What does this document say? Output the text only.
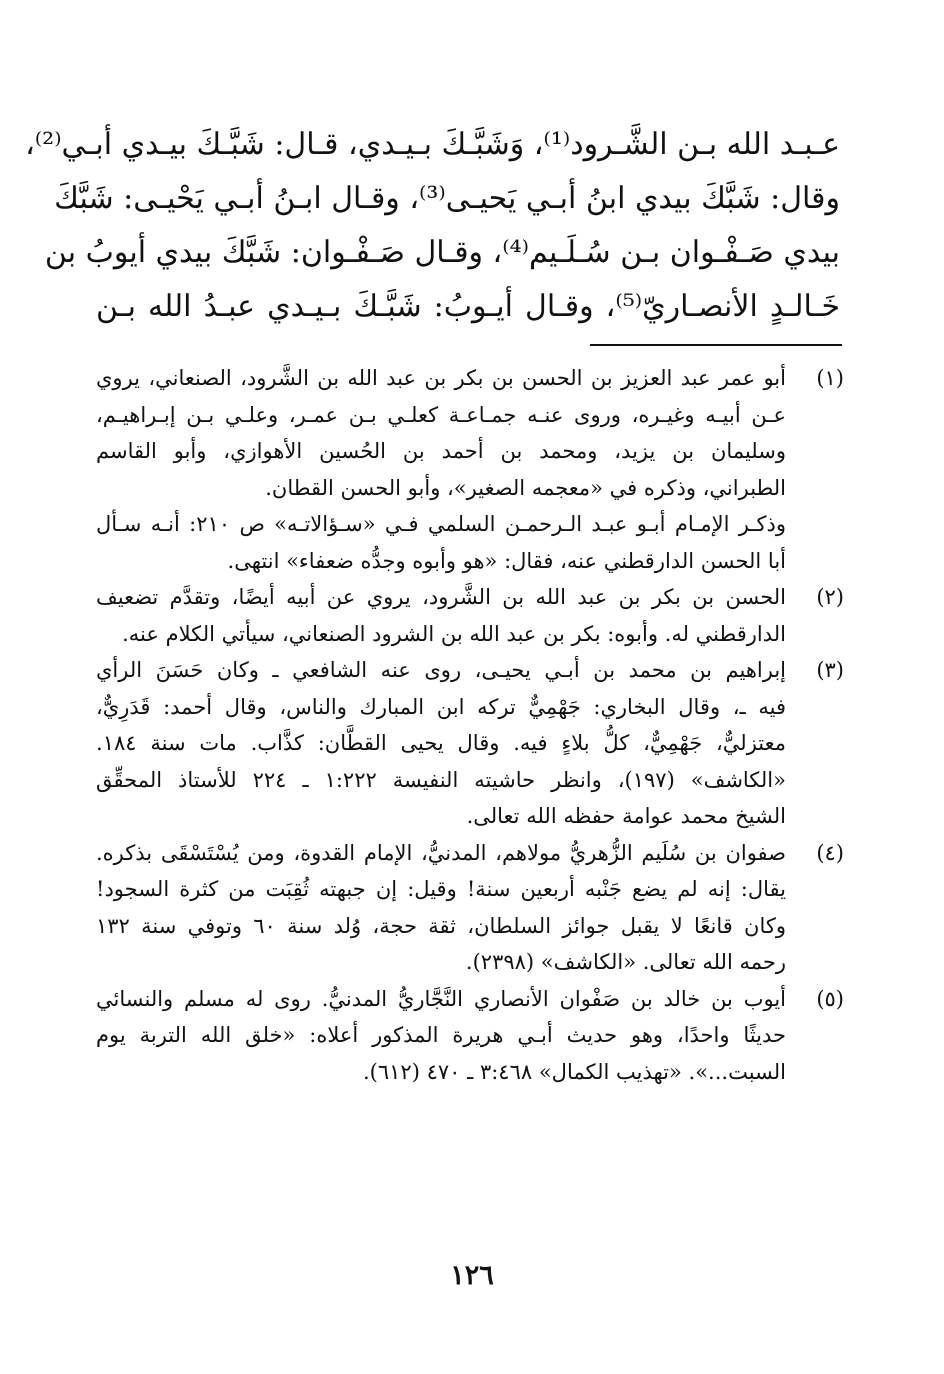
عـبـد الله بـن الشَّـرود⁽¹⁾، وَشَبَّـكَ بـيـدي، قـال: شَبَّـكَ بيـدي أبـي⁽²⁾،
وقال: شَبَّكَ بيدي ابنُ أبـي يَحيـى⁽³⁾، وقـال ابـنُ أبـي يَحْيـى: شَبَّكَ
بيدي صَـفْـوان بـن سُـلَـيم⁽⁴⁾، وقـال صَـفْـوان: شَبَّكَ بيدي أيوبُ بن
خَـالـدٍ الأنصـاريّ⁽⁵⁾، وقـال أيـوبُ: شَبَّـكَ بـيـدي عبـدُ الله بـن
(١)
أبو عمر عبد العزيز بن الحسن بن بكر بن عبد الله بن الشَّرود، الصنعاني، يروي
عـن أبيـه وغيـره، وروى عنـه جمـاعـة كعلـي بـن عمـر، وعلـي بـن إبـراهيـم،
وسليمان بن يزيد، ومحمد بن أحمد بن الحُسين الأهوازي، وأبو القاسم
الطبراني، وذكره في «معجمه الصغير»، وأبو الحسن القطان.
وذكـر الإمـام أبـو عبـد الـرحمـن السلمي فـي «سـؤالاتـه» ص ٢١٠: أنـه سـأل
أبا الحسن الدارقطني عنه، فقال: «هو وأبوه وجدُّه ضعفاء» انتهى.
(٢)
الحسن بن بكر بن عبد الله بن الشَّرود، يروي عن أبيه أيضًا، وتقدَّم تضعيف
الدارقطني له. وأبوه: بكر بن عبد الله بن الشرود الصنعاني، سيأتي الكلام عنه.
(٣)
إبراهيم بن محمد بن أبـي يحيـى، روى عنه الشافعي ـ وكان حَسَنَ الرأي
فيه ـ، وقال البخاري: جَهْمِيٌّ تركه ابن المبارك والناس، وقال أحمد: قَدَرِيٌّ،
معتزليٌّ، جَهْمِيٌّ، كلُّ بلاءٍ فيه. وقال يحيى القطَّان: كذَّاب. مات سنة ١٨٤.
«الكاشف» (١٩٧)، وانظر حاشيته النفيسة ١:٢٢٢ ـ ٢٢٤ للأستاذ المحقِّق
الشيخ محمد عوامة حفظه الله تعالى.
(٤)
صفوان بن سُلَيم الزُّهريُّ مولاهم، المدنيُّ، الإمام القدوة، ومن يُسْتَسْقَى بذكره.
يقال: إنه لم يضع جَنْبه أربعين سنة! وقيل: إن جبهته ثُقِبَت من كثرة السجود!
وكان قانعًا لا يقبل جوائز السلطان، ثقة حجة، وُلد سنة ٦٠ وتوفي سنة ١٣٢
رحمه الله تعالى. «الكاشف» (٢٣٩٨).
(٥)
أيوب بن خالد بن صَفْوان الأنصاري النَّجَّاريُّ المدنيُّ. روى له مسلم والنسائي
حديثًا واحدًا، وهو حديث أبـي هريرة المذكور أعلاه: «خلق الله التربة يوم
السبت...». «تهذيب الكمال» ٣:٤٦٨ ـ ٤٧٠ (٦١٢).
١٢٦
